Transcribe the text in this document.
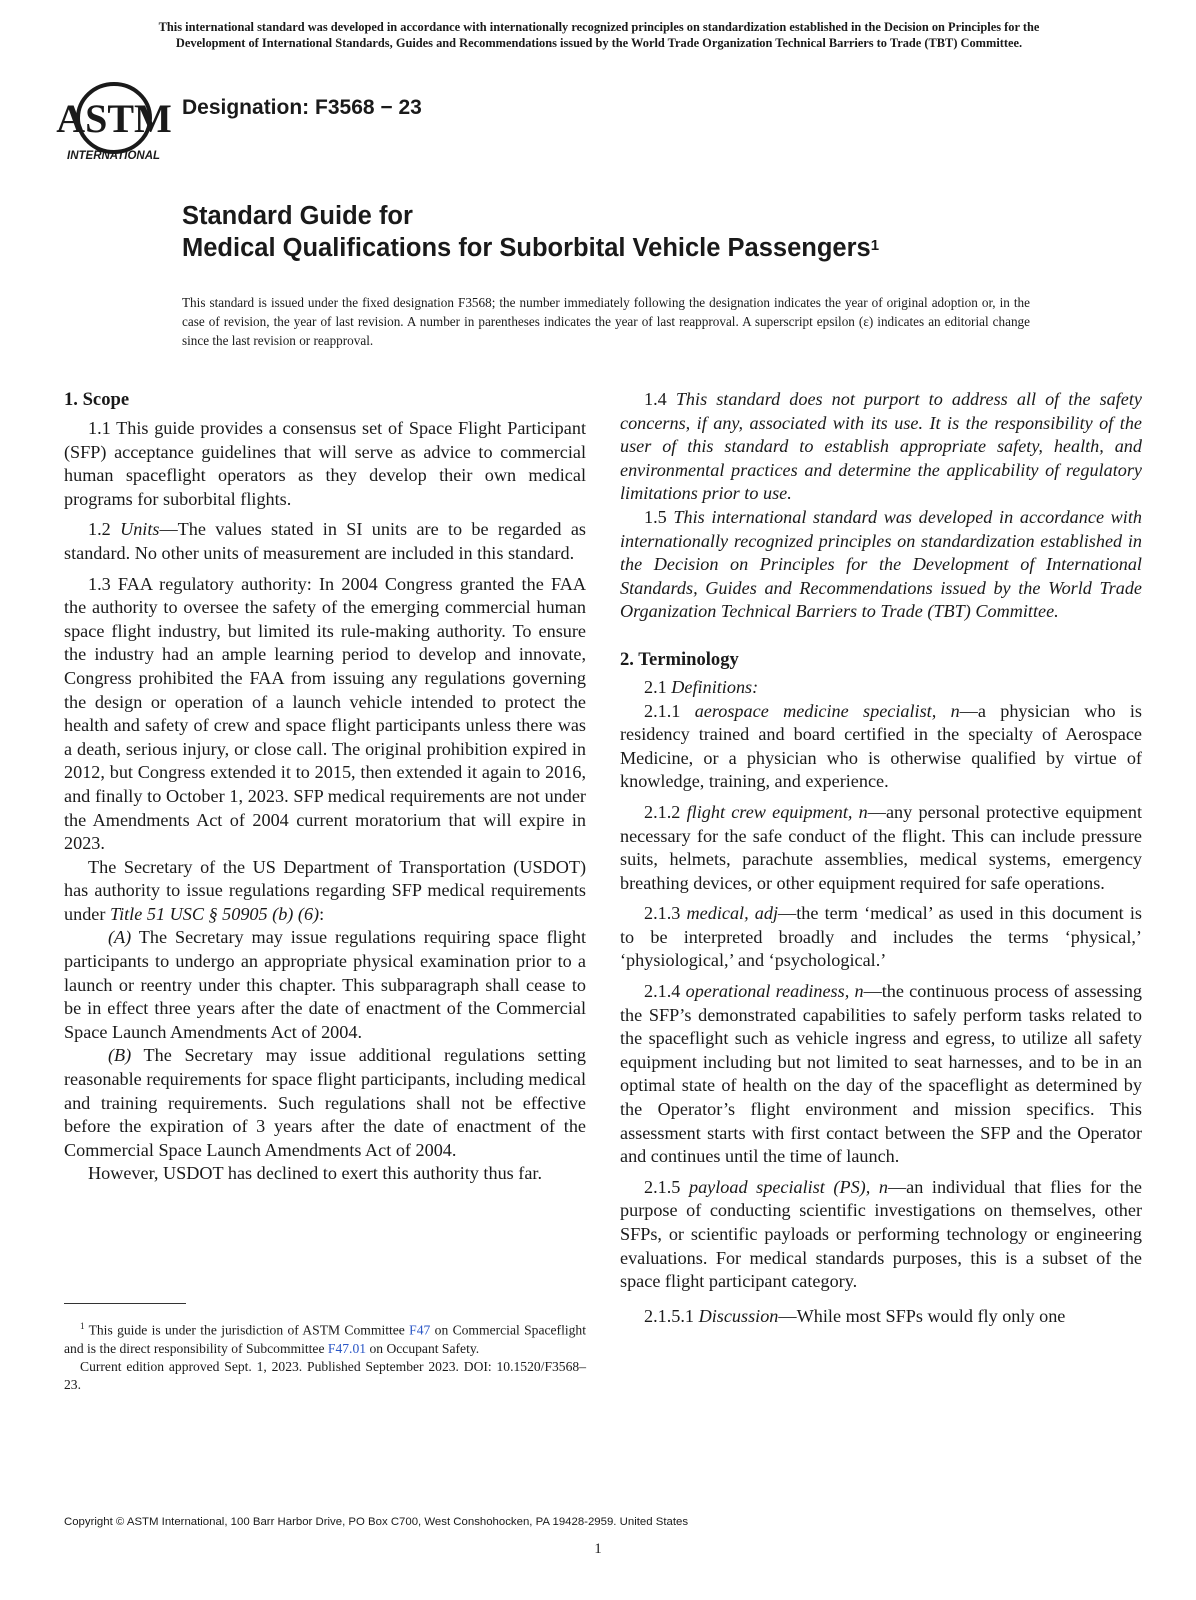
This international standard was developed in accordance with internationally recognized principles on standardization established in the Decision on Principles for the
Development of International Standards, Guides and Recommendations issued by the World Trade Organization Technical Barriers to Trade (TBT) Committee.
ASTM
INTERNATIONAL
Designation: F3568 − 23
Standard Guide for
Medical Qualifications for Suborbital Vehicle Passengers$^1$
This standard is issued under the fixed designation F3568; the number immediately following the designation indicates the year of original adoption or, in the case of revision, the year of last revision. A number in parentheses indicates the year of last reapproval. A superscript epsilon (ε) indicates an editorial change since the last revision or reapproval.
1. Scope

1.1 This guide provides a consensus set of Space Flight Participant (SFP) acceptance guidelines that will serve as advice to commercial human spaceflight operators as they develop their own medical programs for suborbital flights.

1.2 Units—The values stated in SI units are to be regarded as standard. No other units of measurement are included in this standard.

1.3 FAA regulatory authority: In 2004 Congress granted the FAA the authority to oversee the safety of the emerging commercial human space flight industry, but limited its rule-making authority. To ensure the industry had an ample learning period to develop and innovate, Congress prohibited the FAA from issuing any regulations governing the design or operation of a launch vehicle intended to protect the health and safety of crew and space flight participants unless there was a death, serious injury, or close call. The original prohibition expired in 2012, but Congress extended it to 2015, then extended it again to 2016, and finally to October 1, 2023. SFP medical requirements are not under the Amendments Act of 2004 current moratorium that will expire in 2023.

The Secretary of the US Department of Transportation (USDOT) has authority to issue regulations regarding SFP medical requirements under Title 51 USC § 50905 (b) (6):

(A) The Secretary may issue regulations requiring space flight participants to undergo an appropriate physical examination prior to a launch or reentry under this chapter. This subparagraph shall cease to be in effect three years after the date of enactment of the Commercial Space Launch Amendments Act of 2004.

(B) The Secretary may issue additional regulations setting reasonable requirements for space flight participants, including medical and training requirements. Such regulations shall not be effective before the expiration of 3 years after the date of enactment of the Commercial Space Launch Amendments Act of 2004.

However, USDOT has declined to exert this authority thus far.

$^1$ This guide is under the jurisdiction of ASTM Committee F47 on Commercial Spaceflight and is the direct responsibility of Subcommittee F47.01 on Occupant Safety.

Current edition approved Sept. 1, 2023. Published September 2023. DOI: 10.1520/F3568–23.

1.4 This standard does not purport to address all of the safety concerns, if any, associated with its use. It is the responsibility of the user of this standard to establish appropriate safety, health, and environmental practices and determine the applicability of regulatory limitations prior to use.

1.5 This international standard was developed in accordance with internationally recognized principles on standardization established in the Decision on Principles for the Development of International Standards, Guides and Recommendations issued by the World Trade Organization Technical Barriers to Trade (TBT) Committee.

2. Terminology

2.1 Definitions:

2.1.1 aerospace medicine specialist, n—a physician who is residency trained and board certified in the specialty of Aerospace Medicine, or a physician who is otherwise qualified by virtue of knowledge, training, and experience.

2.1.2 flight crew equipment, n—any personal protective equipment necessary for the safe conduct of the flight. This can include pressure suits, helmets, parachute assemblies, medical systems, emergency breathing devices, or other equipment required for safe operations.

2.1.3 medical, adj—the term ‘medical’ as used in this document is to be interpreted broadly and includes the terms ‘physical,’ ‘physiological,’ and ‘psychological.’

2.1.4 operational readiness, n—the continuous process of assessing the SFP’s demonstrated capabilities to safely perform tasks related to the spaceflight such as vehicle ingress and egress, to utilize all safety equipment including but not limited to seat harnesses, and to be in an optimal state of health on the day of the spaceflight as determined by the Operator’s flight environment and mission specifics. This assessment starts with first contact between the SFP and the Operator and continues until the time of launch.

2.1.5 payload specialist (PS), n—an individual that flies for the purpose of conducting scientific investigations on themselves, other SFPs, or scientific payloads or performing technology or engineering evaluations. For medical standards purposes, this is a subset of the space flight participant category.

2.1.5.1 Discussion—While most SFPs would fly only one

Copyright © ASTM International, 100 Barr Harbor Drive, PO Box C700, West Conshohocken, PA 19428-2959. United States
1
